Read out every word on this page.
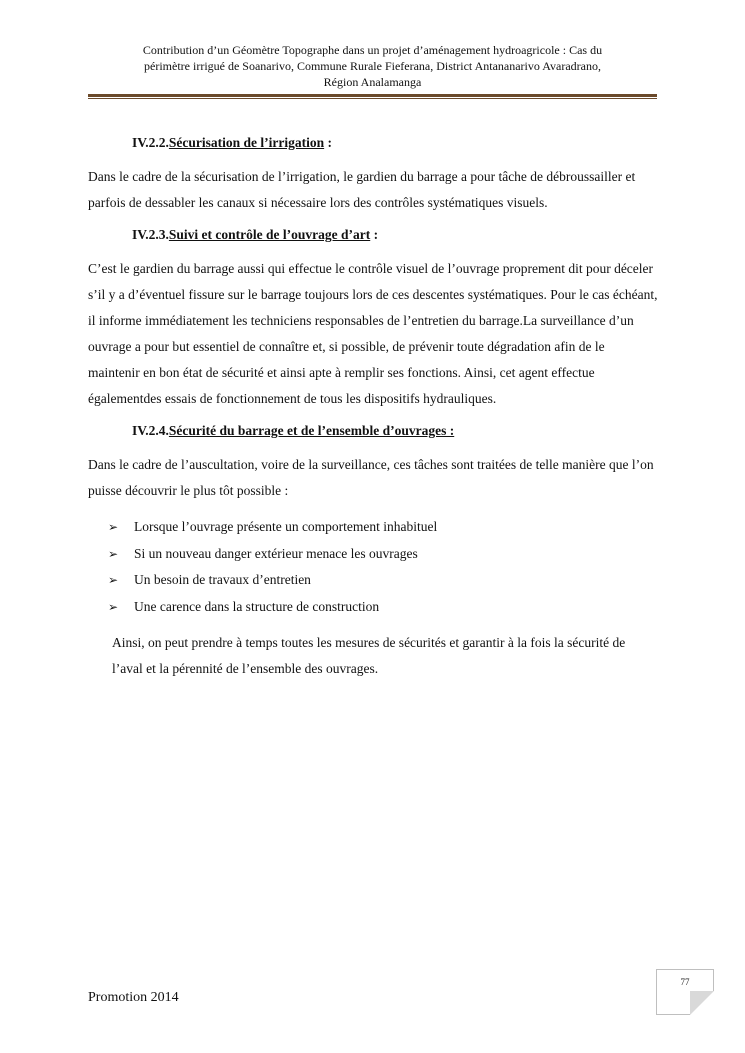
Contribution d’un Géomètre Topographe dans un projet d’aménagement hydroagricole : Cas du
périmètre irrigué de Soanarivo, Commune Rurale Fieferana, District Antananarivo Avaradrano,
Région Analamanga

IV.2.2.Sécurisation de l’irrigation :

Dans le cadre de la sécurisation de l’irrigation, le gardien du barrage a pour tâche de débroussailler et parfois de dessabler les canaux si nécessaire lors des contrôles systématiques visuels.

IV.2.3.Suivi et contrôle de l’ouvrage d’art :

C’est le gardien du barrage aussi qui effectue le contrôle visuel de l’ouvrage proprement dit pour déceler s’il y a d’éventuel fissure sur le barrage toujours lors de ces descentes systématiques. Pour le cas échéant, il informe immédiatement les techniciens responsables de l’entretien du barrage.La surveillance d’un ouvrage a pour but essentiel de connaître et, si possible, de prévenir toute dégradation afin de le maintenir en bon état de sécurité et ainsi apte à remplir ses fonctions. Ainsi, cet agent effectue égalementdes essais de fonctionnement de tous les dispositifs hydrauliques.

IV.2.4.Sécurité du barrage et de l’ensemble d’ouvrages :

Dans le cadre de l’auscultation, voire de la surveillance, ces tâches sont traitées de telle manière que l’on puisse découvrir le plus tôt possible :

➢ Lorsque l’ouvrage présente un comportement inhabituel
➢ Si un nouveau danger extérieur menace les ouvrages
➢ Un besoin de travaux d’entretien
➢ Une carence dans la structure de construction

Ainsi, on peut prendre à temps toutes les mesures de sécurités et garantir à la fois la sécurité de l’aval et la pérennité de l’ensemble des ouvrages.

77
Promotion 2014
